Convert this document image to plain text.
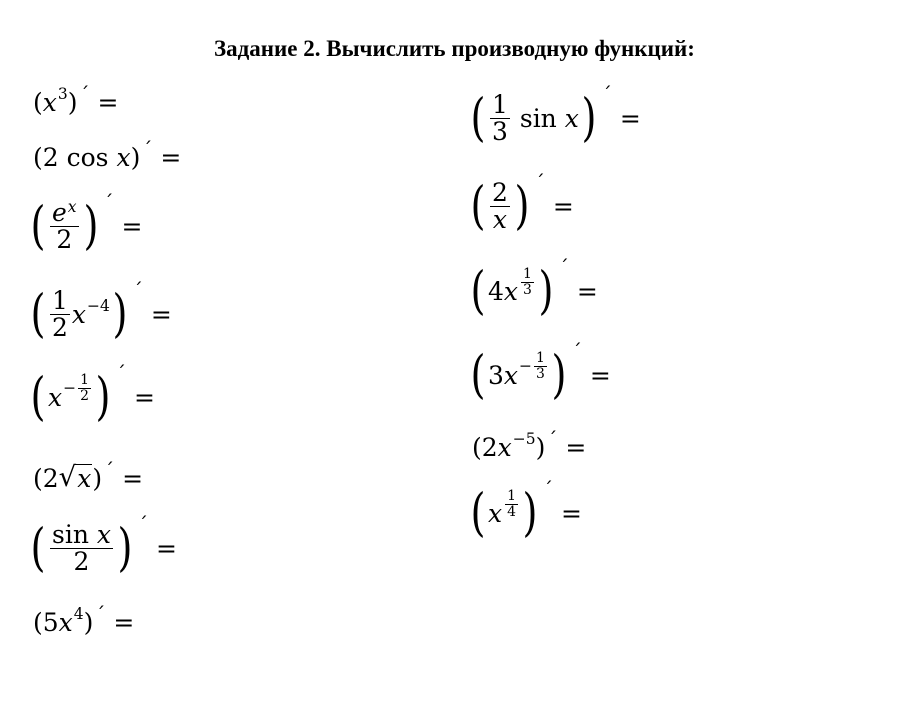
Задание 2. Вычислить производную функций:
( x 3 ) ´ =
( 2
cos
x ) ´ =
( $\frac{e^x}{2}$ ) ´
=
( $\frac{1}{2}$ x −4 ) ´
=
( $x - \frac{1}{2}$ ) ´
=
( 2 √ x ) ´ =
( $\frac{\text{sin x}}{2}$ ) ´
=
( 5 x 4 ) ´ =
( $\frac{1}{3}$
sin
x ) ´
=
( $\frac{2}{x}$ ) ´
=
( 4 x $\frac{1}{3}$ ) ´
=
( 3 $x - \frac{1}{3}$ ) ´
=
( 2 x −5 ) ´ =
( x $\frac{1}{4}$ ) ´
=
